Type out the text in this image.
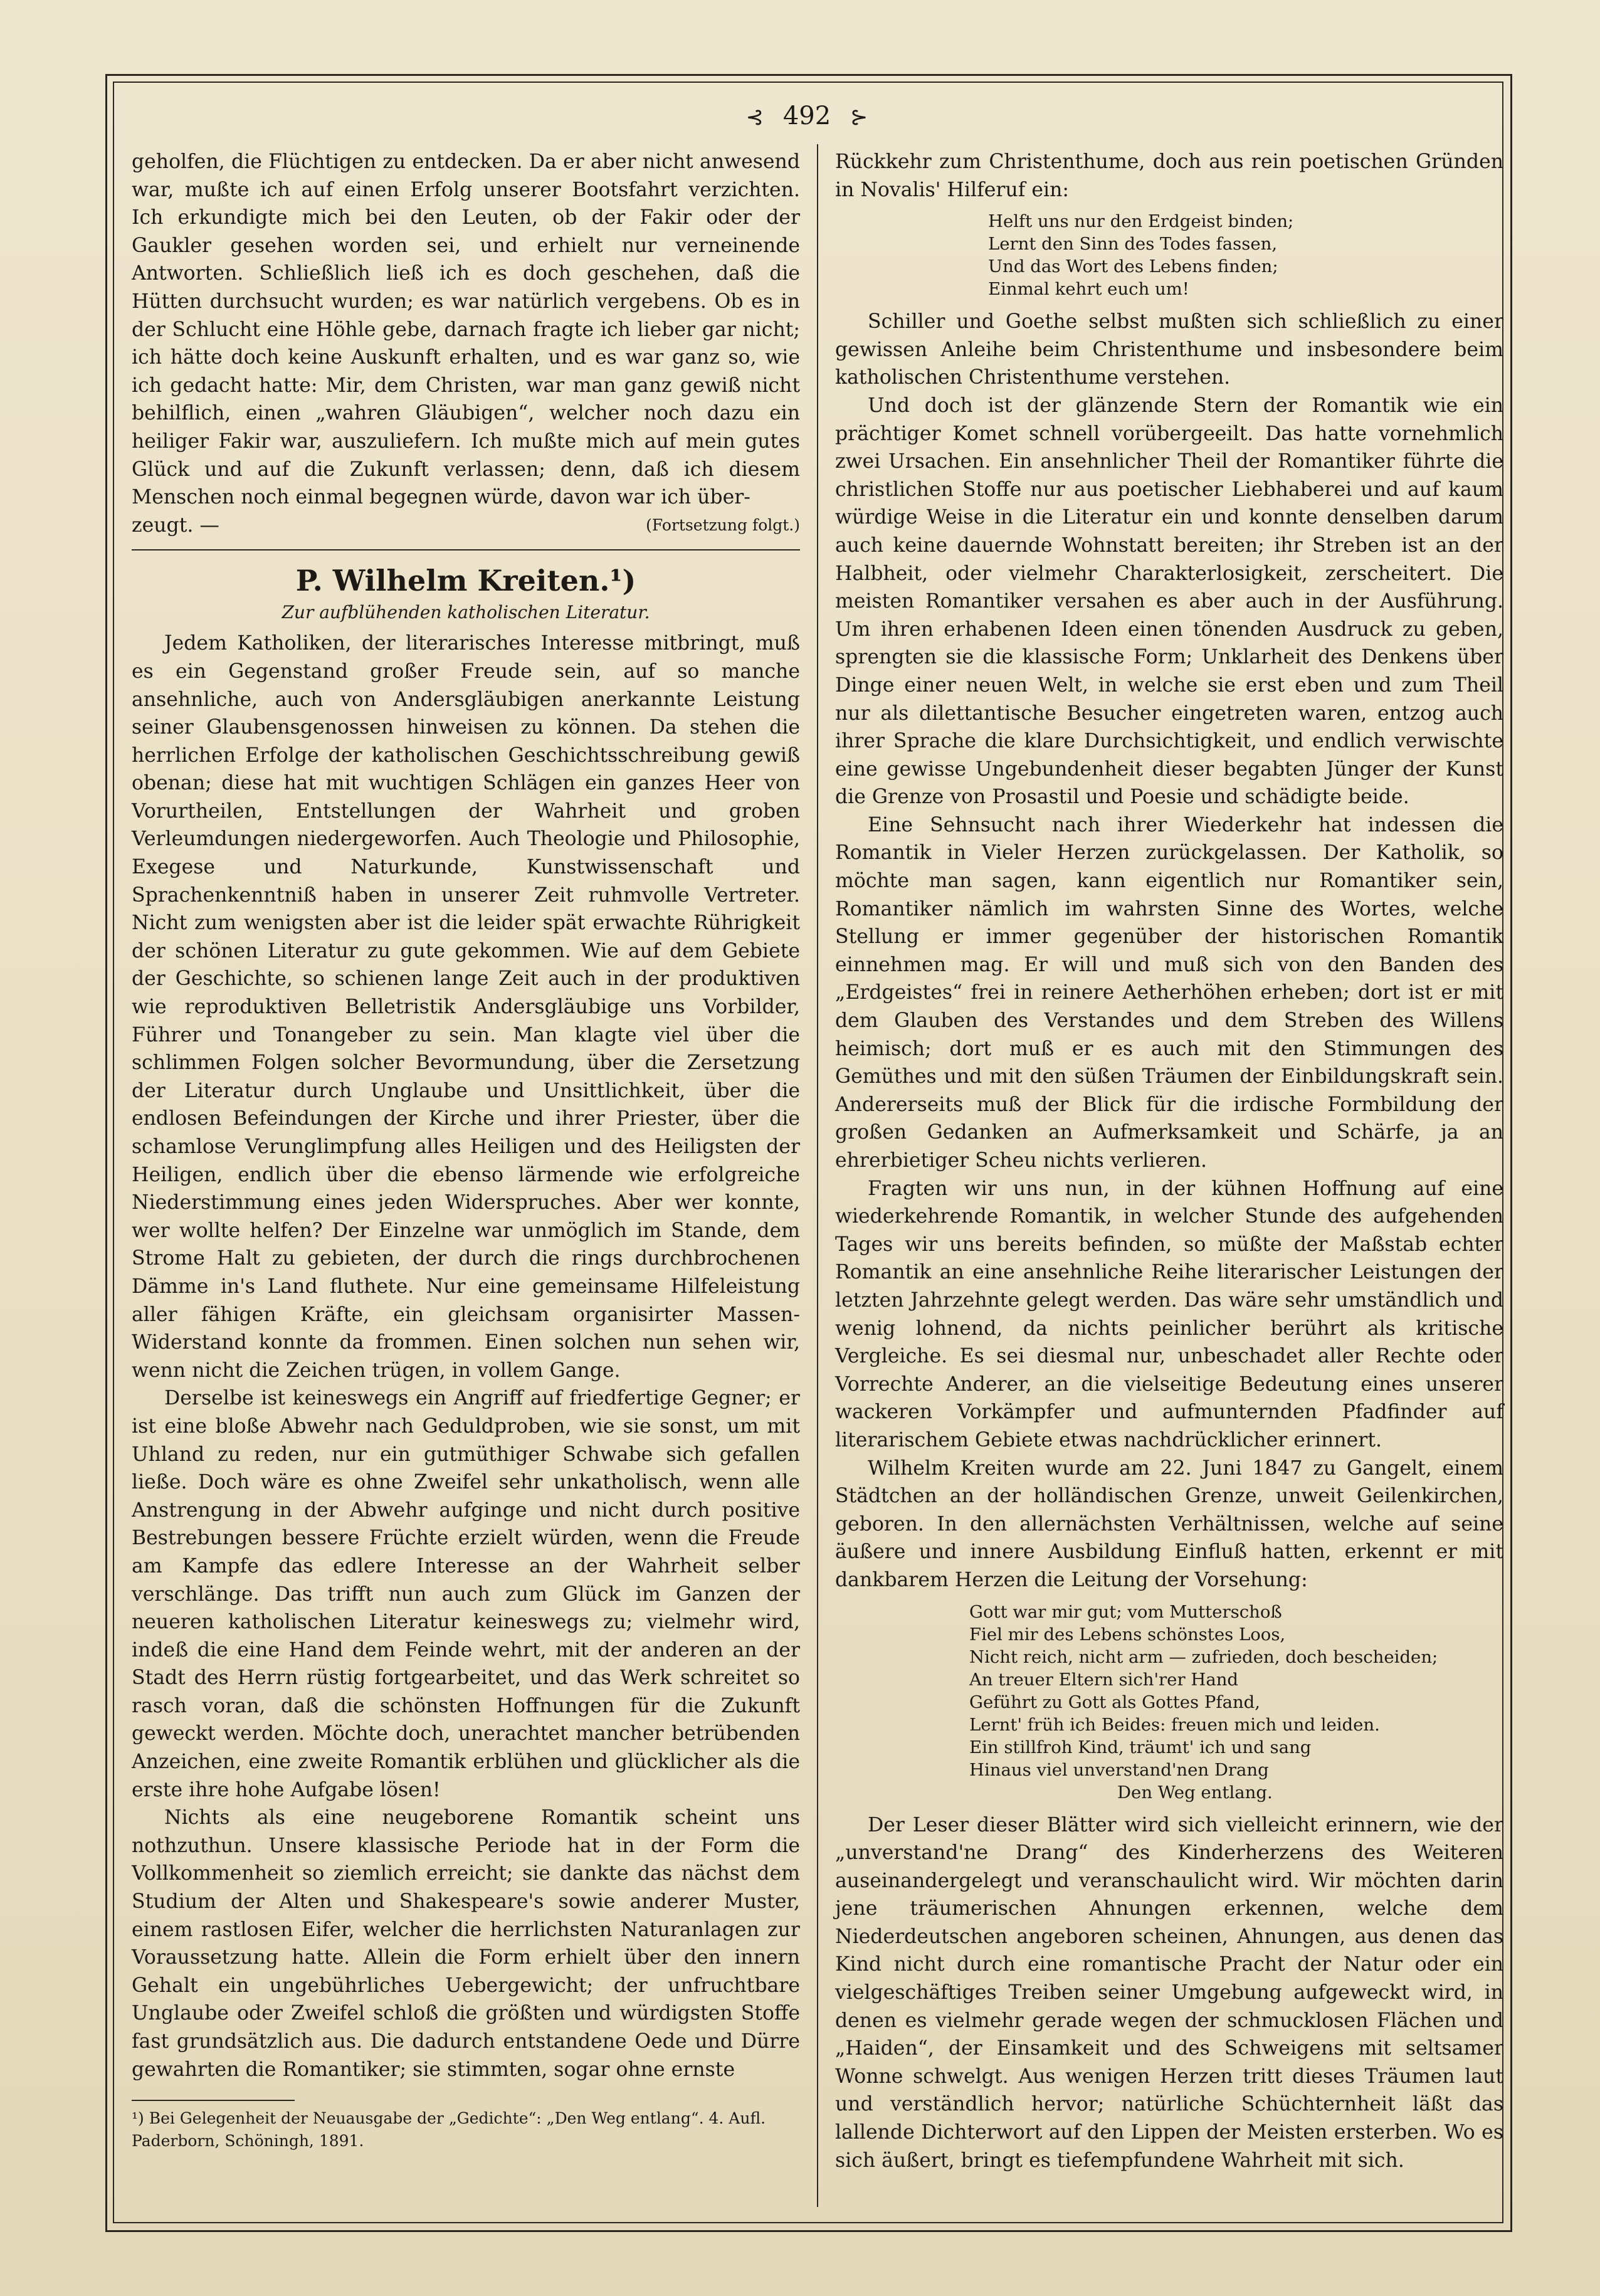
⊰ 492 ⊱

geholfen, die Flüchtigen zu entdecken. Da er aber nicht anwesend war, mußte ich auf einen Erfolg unserer Bootsfahrt verzichten. Ich erkundigte mich bei den Leuten, ob der Fakir oder der Gaukler gesehen worden sei, und erhielt nur verneinende Antworten. Schließlich ließ ich es doch geschehen, daß die Hütten durchsucht wurden; es war natürlich vergebens. Ob es in der Schlucht eine Höhle gebe, darnach fragte ich lieber gar nicht; ich hätte doch keine Auskunft erhalten, und es war ganz so, wie ich gedacht hatte: Mir, dem Christen, war man ganz gewiß nicht behilflich, einen „wahren Gläubigen“, welcher noch dazu ein heiliger Fakir war, auszuliefern. Ich mußte mich auf mein gutes Glück und auf die Zukunft verlassen; denn, daß ich diesem Menschen noch einmal begegnen würde, davon war ich über-

zeugt. —	(Fortsetzung folgt.)
P. Wilhelm Kreiten.¹)
Zur aufblühenden katholischen Literatur.

Jedem Katholiken, der literarisches Interesse mitbringt, muß es ein Gegenstand großer Freude sein, auf so manche ansehnliche, auch von Andersgläubigen anerkannte Leistung seiner Glaubensgenossen hinweisen zu können. Da stehen die herrlichen Erfolge der katholischen Geschichtsschreibung gewiß obenan; diese hat mit wuchtigen Schlägen ein ganzes Heer von Vorurtheilen, Entstellungen der Wahrheit und groben Verleumdungen niedergeworfen. Auch Theologie und Philosophie, Exegese und Naturkunde, Kunstwissenschaft und Sprachenkenntniß haben in unserer Zeit ruhmvolle Vertreter. Nicht zum wenigsten aber ist die leider spät erwachte Rührigkeit der schönen Literatur zu gute gekommen. Wie auf dem Gebiete der Geschichte, so schienen lange Zeit auch in der produktiven wie reproduktiven Belletristik Andersgläubige uns Vorbilder, Führer und Tonangeber zu sein. Man klagte viel über die schlimmen Folgen solcher Bevormundung, über die Zersetzung der Literatur durch Unglaube und Unsittlichkeit, über die endlosen Befeindungen der Kirche und ihrer Priester, über die schamlose Verunglimpfung alles Heiligen und des Heiligsten der Heiligen, endlich über die ebenso lärmende wie erfolgreiche Niederstimmung eines jeden Widerspruches. Aber wer konnte, wer wollte helfen? Der Einzelne war unmöglich im Stande, dem Strome Halt zu gebieten, der durch die rings durchbrochenen Dämme in's Land fluthete. Nur eine gemeinsame Hilfeleistung aller fähigen Kräfte, ein gleichsam organisirter Massen-Widerstand konnte da frommen. Einen solchen nun sehen wir, wenn nicht die Zeichen trügen, in vollem Gange.

Derselbe ist keineswegs ein Angriff auf friedfertige Gegner; er ist eine bloße Abwehr nach Geduldproben, wie sie sonst, um mit Uhland zu reden, nur ein gutmüthiger Schwabe sich gefallen ließe. Doch wäre es ohne Zweifel sehr unkatholisch, wenn alle Anstrengung in der Abwehr aufginge und nicht durch positive Bestrebungen bessere Früchte erzielt würden, wenn die Freude am Kampfe das edlere Interesse an der Wahrheit selber verschlänge. Das trifft nun auch zum Glück im Ganzen der neueren katholischen Literatur keineswegs zu; vielmehr wird, indeß die eine Hand dem Feinde wehrt, mit der anderen an der Stadt des Herrn rüstig fortgearbeitet, und das Werk schreitet so rasch voran, daß die schönsten Hoffnungen für die Zukunft geweckt werden. Möchte doch, unerachtet mancher betrübenden Anzeichen, eine zweite Romantik erblühen und glücklicher als die erste ihre hohe Aufgabe lösen!

Nichts als eine neugeborene Romantik scheint uns nothzuthun. Unsere klassische Periode hat in der Form die Vollkommenheit so ziemlich erreicht; sie dankte das nächst dem Studium der Alten und Shakespeare's sowie anderer Muster, einem rastlosen Eifer, welcher die herrlichsten Naturanlagen zur Voraussetzung hatte. Allein die Form erhielt über den innern Gehalt ein ungebührliches Uebergewicht; der unfruchtbare Unglaube oder Zweifel schloß die größten und würdigsten Stoffe fast grundsätzlich aus. Die dadurch entstandene Oede und Dürre gewahrten die Romantiker; sie stimmten, sogar ohne ernste

¹) Bei Gelegenheit der Neuausgabe der „Gedichte“: „Den Weg entlang“. 4. Aufl. Paderborn, Schöningh, 1891.

Rückkehr zum Christenthume, doch aus rein poetischen Gründen in Novalis' Hilferuf ein:

Helft uns nur den Erdgeist binden;
Lernt den Sinn des Todes fassen,
Und das Wort des Lebens finden;
Einmal kehrt euch um!

Schiller und Goethe selbst mußten sich schließlich zu einer gewissen Anleihe beim Christenthume und insbesondere beim katholischen Christenthume verstehen.

Und doch ist der glänzende Stern der Romantik wie ein prächtiger Komet schnell vorübergeeilt. Das hatte vornehmlich zwei Ursachen. Ein ansehnlicher Theil der Romantiker führte die christlichen Stoffe nur aus poetischer Liebhaberei und auf kaum würdige Weise in die Literatur ein und konnte denselben darum auch keine dauernde Wohnstatt bereiten; ihr Streben ist an der Halbheit, oder vielmehr Charakterlosigkeit, zerscheitert. Die meisten Romantiker versahen es aber auch in der Ausführung. Um ihren erhabenen Ideen einen tönenden Ausdruck zu geben, sprengten sie die klassische Form; Unklarheit des Denkens über Dinge einer neuen Welt, in welche sie erst eben und zum Theil nur als dilettantische Besucher eingetreten waren, entzog auch ihrer Sprache die klare Durchsichtigkeit, und endlich verwischte eine gewisse Ungebundenheit dieser begabten Jünger der Kunst die Grenze von Prosastil und Poesie und schädigte beide.

Eine Sehnsucht nach ihrer Wiederkehr hat indessen die Romantik in Vieler Herzen zurückgelassen. Der Katholik, so möchte man sagen, kann eigentlich nur Romantiker sein, Romantiker nämlich im wahrsten Sinne des Wortes, welche Stellung er immer gegenüber der historischen Romantik einnehmen mag. Er will und muß sich von den Banden des „Erdgeistes“ frei in reinere Aetherhöhen erheben; dort ist er mit dem Glauben des Verstandes und dem Streben des Willens heimisch; dort muß er es auch mit den Stimmungen des Gemüthes und mit den süßen Träumen der Einbildungskraft sein. Andererseits muß der Blick für die irdische Formbildung der großen Gedanken an Aufmerksamkeit und Schärfe, ja an ehrerbietiger Scheu nichts verlieren.

Fragten wir uns nun, in der kühnen Hoffnung auf eine wiederkehrende Romantik, in welcher Stunde des aufgehenden Tages wir uns bereits befinden, so müßte der Maßstab echter Romantik an eine ansehnliche Reihe literarischer Leistungen der letzten Jahrzehnte gelegt werden. Das wäre sehr umständlich und wenig lohnend, da nichts peinlicher berührt als kritische Vergleiche. Es sei diesmal nur, unbeschadet aller Rechte oder Vorrechte Anderer, an die vielseitige Bedeutung eines unserer wackeren Vorkämpfer und aufmunternden Pfadfinder auf literarischem Gebiete etwas nachdrücklicher erinnert.

Wilhelm Kreiten wurde am 22. Juni 1847 zu Gangelt, einem Städtchen an der holländischen Grenze, unweit Geilenkirchen, geboren. In den allernächsten Verhältnissen, welche auf seine äußere und innere Ausbildung Einfluß hatten, erkennt er mit dankbarem Herzen die Leitung der Vorsehung:

Gott war mir gut; vom Mutterschoß
Fiel mir des Lebens schönstes Loos,
Nicht reich, nicht arm — zufrieden, doch bescheiden;
An treuer Eltern sich'rer Hand
Geführt zu Gott als Gottes Pfand,
Lernt' früh ich Beides: freuen mich und leiden.
Ein stillfroh Kind, träumt' ich und sang
Hinaus viel unverstand'nen Drang
Den Weg entlang.

Der Leser dieser Blätter wird sich vielleicht erinnern, wie der „unverstand'ne Drang“ des Kinderherzens des Weiteren auseinandergelegt und veranschaulicht wird. Wir möchten darin jene träumerischen Ahnungen erkennen, welche dem Niederdeutschen angeboren scheinen, Ahnungen, aus denen das Kind nicht durch eine romantische Pracht der Natur oder ein vielgeschäftiges Treiben seiner Umgebung aufgeweckt wird, in denen es vielmehr gerade wegen der schmucklosen Flächen und „Haiden“, der Einsamkeit und des Schweigens mit seltsamer Wonne schwelgt. Aus wenigen Herzen tritt dieses Träumen laut und verständlich hervor; natürliche Schüchternheit läßt das lallende Dichterwort auf den Lippen der Meisten ersterben. Wo es sich äußert, bringt es tiefempfundene Wahrheit mit sich.
